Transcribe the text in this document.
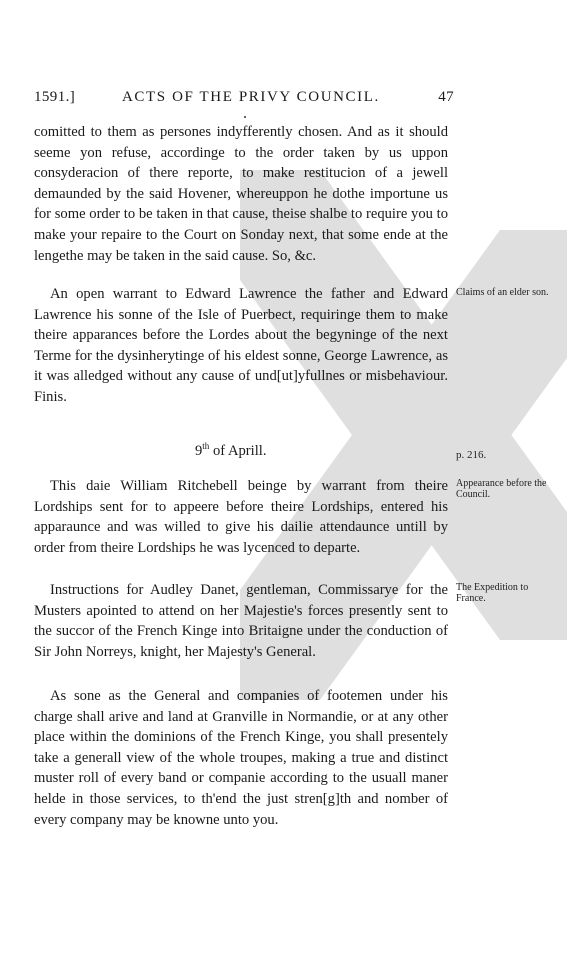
1591.]	ACTS OF THE PRIVY COUNCIL.	47

comitted to them as persones indyfferently chosen. And as it should seeme yon refuse, accordinge to the order taken by us uppon consyderacion of there reporte, to make restitucion of a jewell demaunded by the said Hovener, whereuppon he dothe importune us for some order to be taken in that cause, theise shalbe to require you to make your repaire to the Court on Sonday next, that some ende at the lengethe may be taken in the said cause. So, &c.

An open warrant to Edward Lawrence the father and Edward Lawrence his sonne of the Isle of Puerbect, requiringe them to make theire apparances before the Lordes about the begyninge of the next Terme for the dysinherytinge of his eldest sonne, George Lawrence, as it was alledged without any cause of und[ut]yfullnes or misbehaviour. Finis.

Claims of an elder son.
9th of Aprill.	p. 216.

This daie William Ritchebell beinge by warrant from theire Lordships sent for to appeere before theire Lordships, entered his apparaunce and was willed to give his dailie attendaunce untill by order from theire Lordships he was lycenced to departe.

Appearance before the Council.

Instructions for Audley Danet, gentleman, Commissarye for the Musters apointed to attend on her Majestie's forces presently sent to the succor of the French Kinge into Britaigne under the conduction of Sir John Norreys, knight, her Majesty's General.

The Expedition to France.

As sone as the General and companies of footemen under his charge shall arive and land at Granville in Normandie, or at any other place within the dominions of the French Kinge, you shall presentely take a generall view of the whole troupes, making a true and distinct muster roll of every band or companie according to the usuall maner helde in those services, to th'end the just stren[g]th and nomber of every company may be knowne unto you.
